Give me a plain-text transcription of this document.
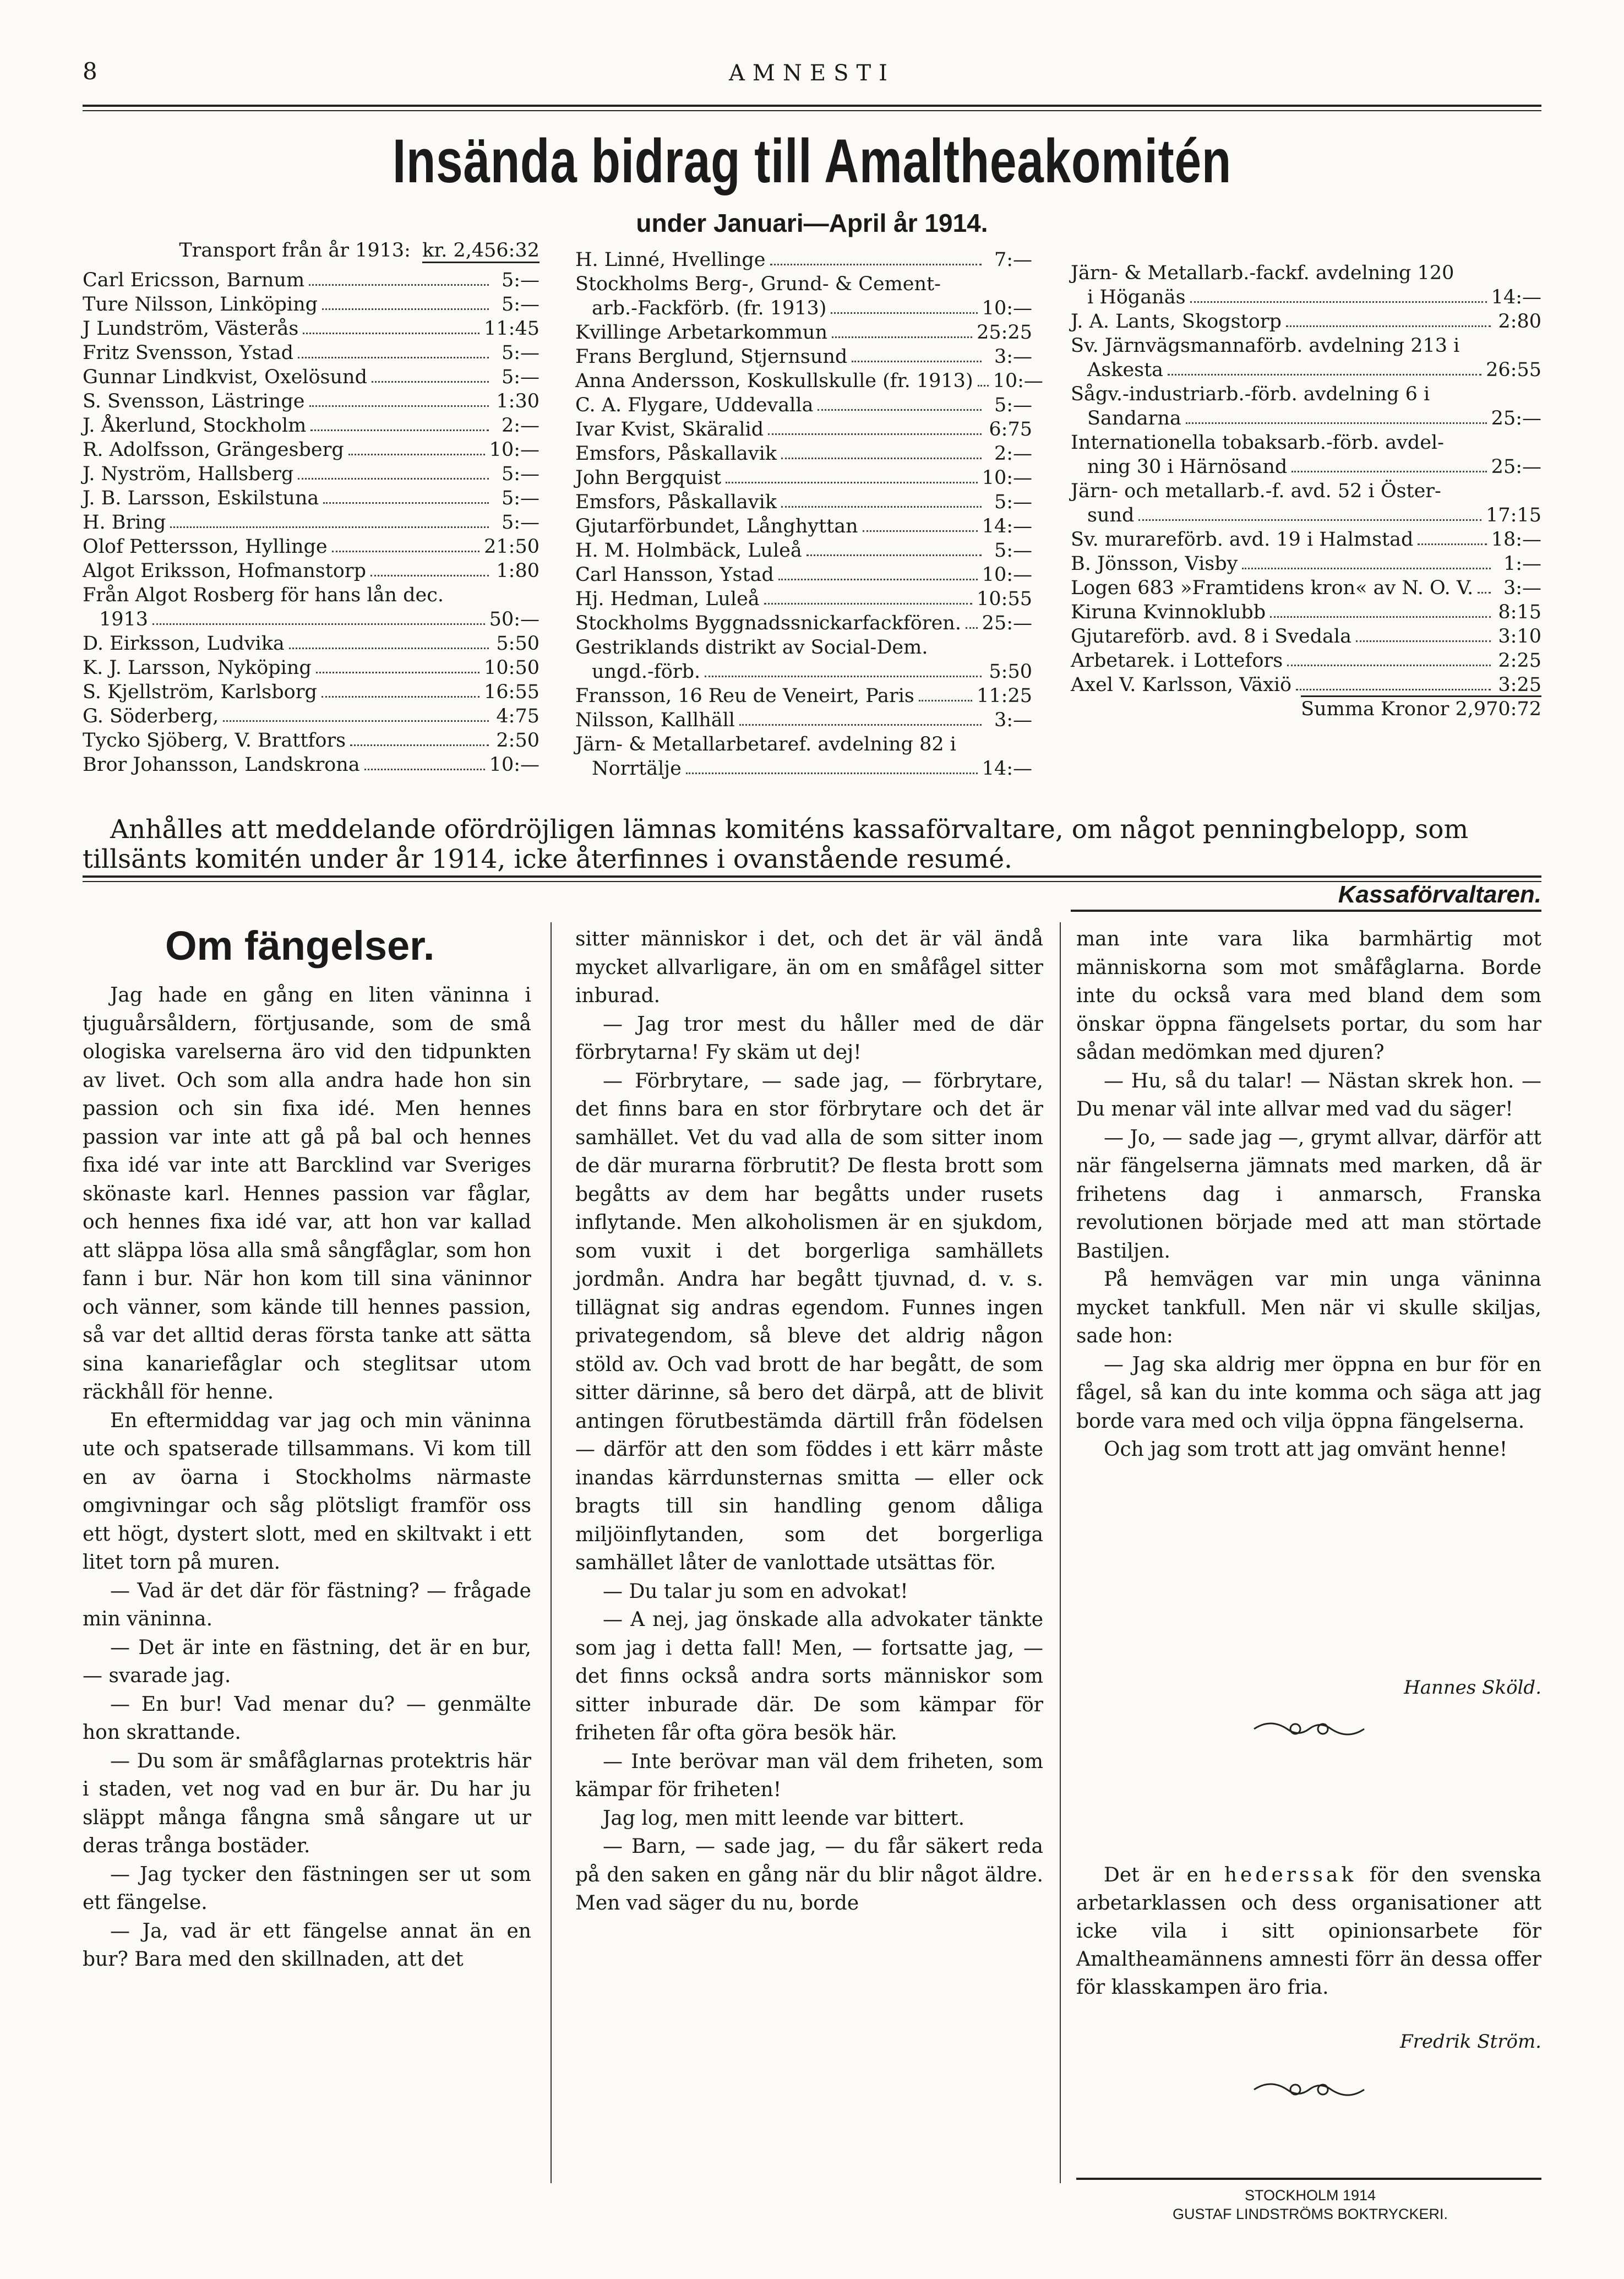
8	AMNESTI
Insända bidrag till Amaltheakomitén
under Januari—April år 1914.
Transport från år 1913: kr. 2,456:32
Carl Ericsson, Barnum	5:—
Ture Nilsson, Linköping	5:—
J Lundström, Västerås	11:45
Fritz Svensson, Ystad	5:—
Gunnar Lindkvist, Oxelösund	5:—
S. Svensson, Lästringe	1:30
J. Åkerlund, Stockholm	2:—
R. Adolfsson, Grängesberg	10:—
J. Nyström, Hallsberg	5:—
J. B. Larsson, Eskilstuna	5:—
H. Bring	5:—
Olof Pettersson, Hyllinge	21:50
Algot Eriksson, Hofmanstorp	1:80
Från Algot Rosberg för hans lån dec.
1913	50:—
D. Eirksson, Ludvika	5:50
K. J. Larsson, Nyköping	10:50
S. Kjellström, Karlsborg	16:55
G. Söderberg,	4:75
Tycko Sjöberg, V. Brattfors	2:50
Bror Johansson, Landskrona	10:—
H. Linné, Hvellinge	7:—
Stockholms Berg-, Grund- & Cement-
arb.-Fackförb. (fr. 1913)	10:—
Kvillinge Arbetarkommun	25:25
Frans Berglund, Stjernsund	3:—
Anna Andersson, Koskullskulle (fr. 1913) 10:—
C. A. Flygare, Uddevalla	5:—
Ivar Kvist, Skäralid	6:75
Emsfors, Påskallavik	2:—
John Bergquist	10:—
Emsfors, Påskallavik	5:—
Gjutarförbundet, Långhyttan	14:—
H. M. Holmbäck, Luleå	5:—
Carl Hansson, Ystad	10:—
Hj. Hedman, Luleå	10:55
Stockholms Byggnadssnickarfackfören. 25:—
Gestriklands distrikt av Social-Dem.
ungd.-förb.	5:50
Fransson, 16 Reu de Veneirt, Paris	11:25
Nilsson, Kallhäll	3:—
Järn- & Metallarbetaref. avdelning 82 i
Norrtälje	14:—
Järn- & Metallarb.-fackf. avdelning 120
i Höganäs	14:—
J. A. Lants, Skogstorp	2:80
Sv. Järnvägsmannaförb. avdelning 213 i
Askesta	26:55
Sågv.-industriarb.-förb. avdelning 6 i
Sandarna	25:—
Internationella tobaksarb.-förb. avdel-
ning 30 i Härnösand	25:—
Järn- och metallarb.-f. avd. 52 i Öster-
sund	17:15
Sv. murareförb. avd. 19 i Halmstad	18:—
B. Jönsson, Visby	1:—
Logen 683 »Framtidens kron« av N. O. V.	3:—
Kiruna Kvinnoklubb	8:15
Gjutareförb. avd. 8 i Svedala	3:10
Arbetarek. i Lottefors	2:25
Axel V. Karlsson, Växiö	3:25
Summa Kronor 2,970:72
Anhålles att meddelande ofördröjligen lämnas komiténs kassaförvaltare, om något penningbelopp, som tillsänts komitén under år 1914, icke återfinnes i ovanstående resumé.
Kassaförvaltaren.
Om fängelser.

Jag hade en gång en liten väninna i tjuguårsåldern, förtjusande, som de små ologiska varelserna äro vid den tidpunkten av livet. Och som alla andra hade hon sin passion och sin fixa idé. Men hennes passion var inte att gå på bal och hennes fixa idé var inte att Barcklind var Sveriges skönaste karl. Hennes passion var fåglar, och hennes fixa idé var, att hon var kallad att släppa lösa alla små sångfåglar, som hon fann i bur. När hon kom till sina väninnor och vänner, som kände till hennes passion, så var det alltid deras första tanke att sätta sina kanariefåglar och steglitsar utom räckhåll för henne.

En eftermiddag var jag och min väninna ute och spatserade tillsammans. Vi kom till en av öarna i Stockholms närmaste omgivningar och såg plötsligt framför oss ett högt, dystert slott, med en skiltvakt i ett litet torn på muren.

— Vad är det där för fästning? — frågade min väninna.

— Det är inte en fästning, det är en bur, — svarade jag.

— En bur! Vad menar du? — genmälte hon skrattande.

— Du som är småfåglarnas protektris här i staden, vet nog vad en bur är. Du har ju släppt många fångna små sångare ut ur deras trånga bostäder.

— Jag tycker den fästningen ser ut som ett fängelse.

— Ja, vad är ett fängelse annat än en bur? Bara med den skillnaden, att det

sitter människor i det, och det är väl ändå mycket allvarligare, än om en småfågel sitter inburad.

— Jag tror mest du håller med de där förbrytarna! Fy skäm ut dej!

— Förbrytare, — sade jag, — förbrytare, det finns bara en stor förbrytare och det är samhället. Vet du vad alla de som sitter inom de där murarna förbrutit? De flesta brott som begåtts av dem har begåtts under rusets inflytande. Men alkoholismen är en sjukdom, som vuxit i det borgerliga samhällets jordmån. Andra har begått tjuvnad, d. v. s. tillägnat sig andras egendom. Funnes ingen privategendom, så bleve det aldrig någon stöld av. Och vad brott de har begått, de som sitter därinne, så bero det därpå, att de blivit antingen förutbestämda därtill från födelsen — därför att den som föddes i ett kärr måste inandas kärrdunsternas smitta — eller ock bragts till sin handling genom dåliga miljöinflytanden, som det borgerliga samhället låter de vanlottade utsättas för.

— Du talar ju som en advokat!

— A nej, jag önskade alla advokater tänkte som jag i detta fall! Men, — fortsatte jag, — det finns också andra sorts människor som sitter inburade där. De som kämpar för friheten får ofta göra besök här.

— Inte berövar man väl dem friheten, som kämpar för friheten!

Jag log, men mitt leende var bittert.

— Barn, — sade jag, — du får säkert reda på den saken en gång när du blir något äldre. Men vad säger du nu, borde

man inte vara lika barmhärtig mot människorna som mot småfåglarna. Borde inte du också vara med bland dem som önskar öppna fängelsets portar, du som har sådan medömkan med djuren?

— Hu, så du talar! — Nästan skrek hon. — Du menar väl inte allvar med vad du säger!

— Jo, — sade jag —, grymt allvar, därför att när fängelserna jämnats med marken, då är frihetens dag i anmarsch, Franska revolutionen började med att man störtade Bastiljen.

På hemvägen var min unga väninna mycket tankfull. Men när vi skulle skiljas, sade hon:

— Jag ska aldrig mer öppna en bur för en fågel, så kan du inte komma och säga att jag borde vara med och vilja öppna fängelserna.

Och jag som trott att jag omvänt henne!

Hannes Sköld.
Det är en hederssak för den svenska arbetarklassen och dess organisationer att icke vila i sitt opinionsarbete för Amaltheamännens amnesti förr än dessa offer för klasskampen äro fria.
Fredrik Ström.
STOCKHOLM 1914
GUSTAF LINDSTRÖMS BOKTRYCKERI.
